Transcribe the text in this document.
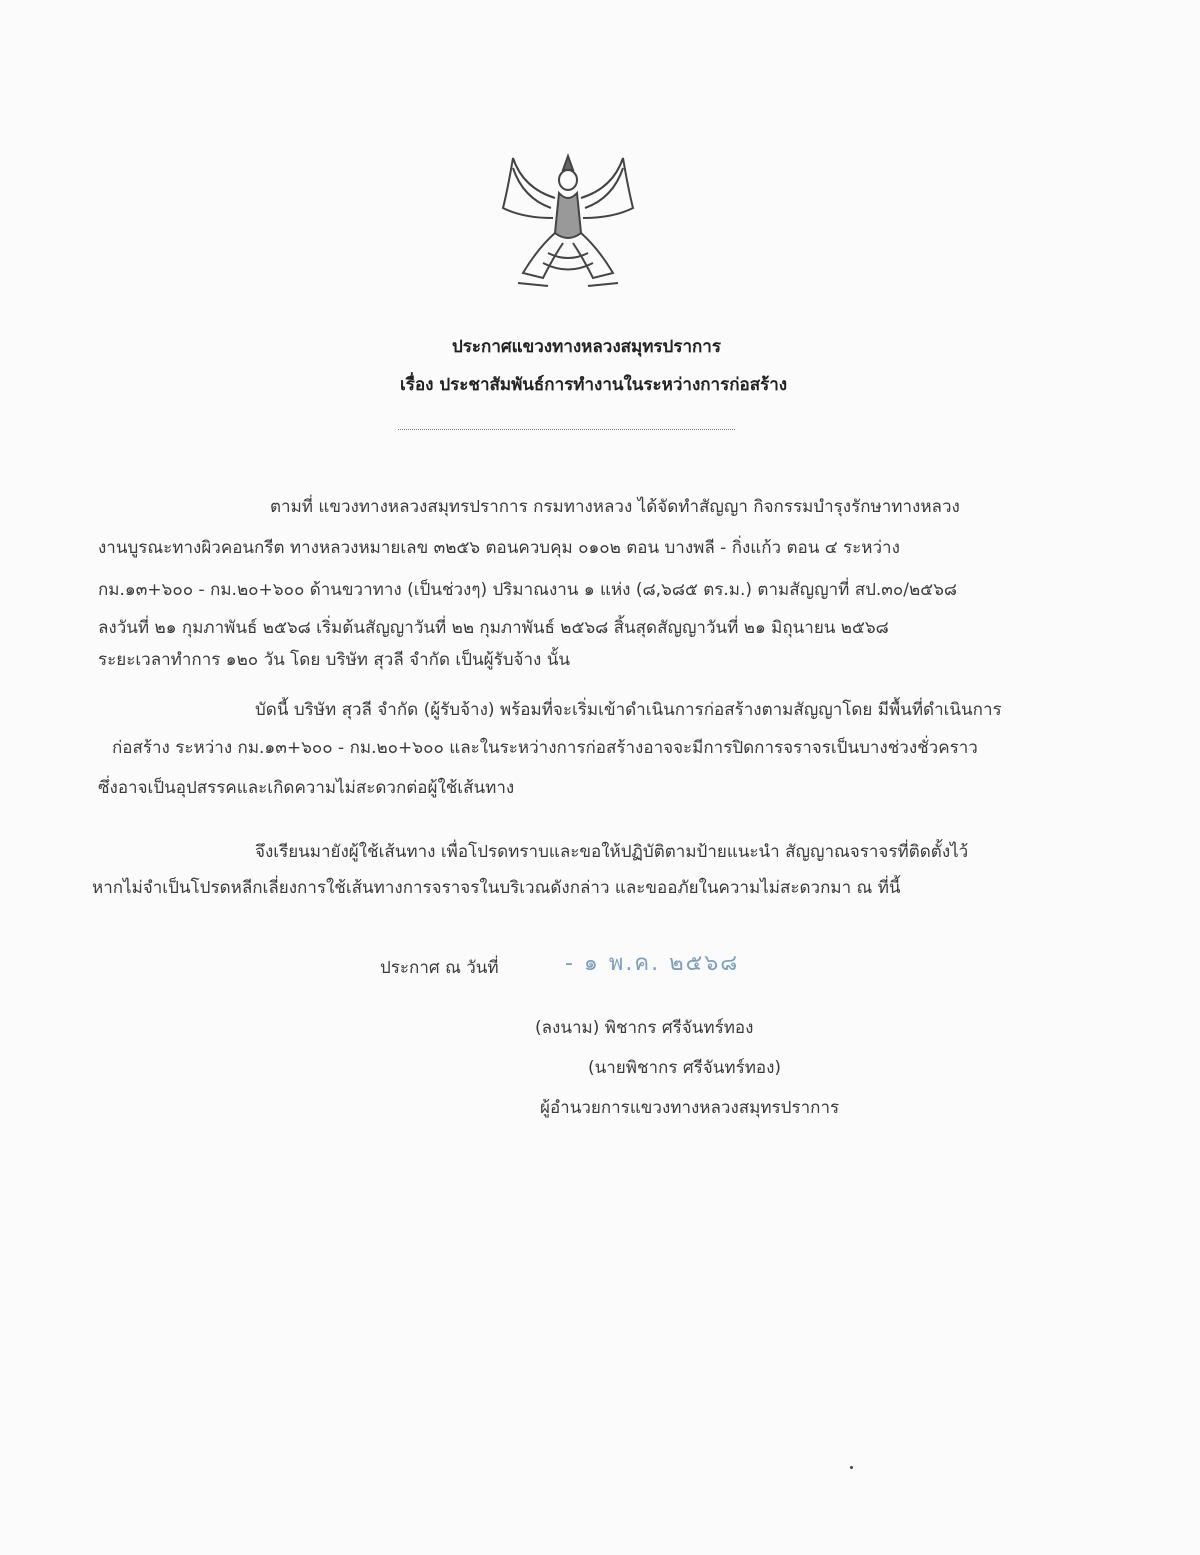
ประกาศแขวงทางหลวงสมุทรปราการ
เรื่อง ประชาสัมพันธ์การทำงานในระหว่างการก่อสร้าง
ตามที่ แขวงทางหลวงสมุทรปราการ กรมทางหลวง ได้จัดทำสัญญา กิจกรรมบำรุงรักษาทางหลวง
งานบูรณะทางผิวคอนกรีต ทางหลวงหมายเลข ๓๒๕๖ ตอนควบคุม ๐๑๐๒ ตอน บางพลี - กิ่งแก้ว ตอน ๔ ระหว่าง
กม.๑๓+๖๐๐ - กม.๒๐+๖๐๐ ด้านขวาทาง (เป็นช่วงๆ) ปริมาณงาน ๑ แห่ง (๘,๖๘๕ ตร.ม.) ตามสัญญาที่ สป.๓๐/๒๕๖๘
ลงวันที่ ๒๑ กุมภาพันธ์ ๒๕๖๘ เริ่มต้นสัญญาวันที่ ๒๒ กุมภาพันธ์ ๒๕๖๘ สิ้นสุดสัญญาวันที่ ๒๑ มิถุนายน ๒๕๖๘
ระยะเวลาทำการ ๑๒๐ วัน โดย บริษัท สุวลี จำกัด เป็นผู้รับจ้าง นั้น
บัดนี้ บริษัท สุวลี จำกัด (ผู้รับจ้าง) พร้อมที่จะเริ่มเข้าดำเนินการก่อสร้างตามสัญญาโดย มีพื้นที่ดำเนินการ
ก่อสร้าง ระหว่าง กม.๑๓+๖๐๐ - กม.๒๐+๖๐๐ และในระหว่างการก่อสร้างอาจจะมีการปิดการจราจรเป็นบางช่วงชั่วคราว
ซึ่งอาจเป็นอุปสรรคและเกิดความไม่สะดวกต่อผู้ใช้เส้นทาง
จึงเรียนมายังผู้ใช้เส้นทาง เพื่อโปรดทราบและขอให้ปฏิบัติตามป้ายแนะนำ สัญญาณจราจรที่ติดตั้งไว้
หากไม่จำเป็นโปรดหลีกเลี่ยงการใช้เส้นทางการจราจรในบริเวณดังกล่าว และขออภัยในความไม่สะดวกมา ณ ที่นี้
ประกาศ ณ วันที่	- ๑ พ.ค. ๒๕๖๘
(ลงนาม) พิชากร ศรีจันทร์ทอง
(นายพิชากร ศรีจันทร์ทอง)
ผู้อำนวยการแขวงทางหลวงสมุทรปราการ
